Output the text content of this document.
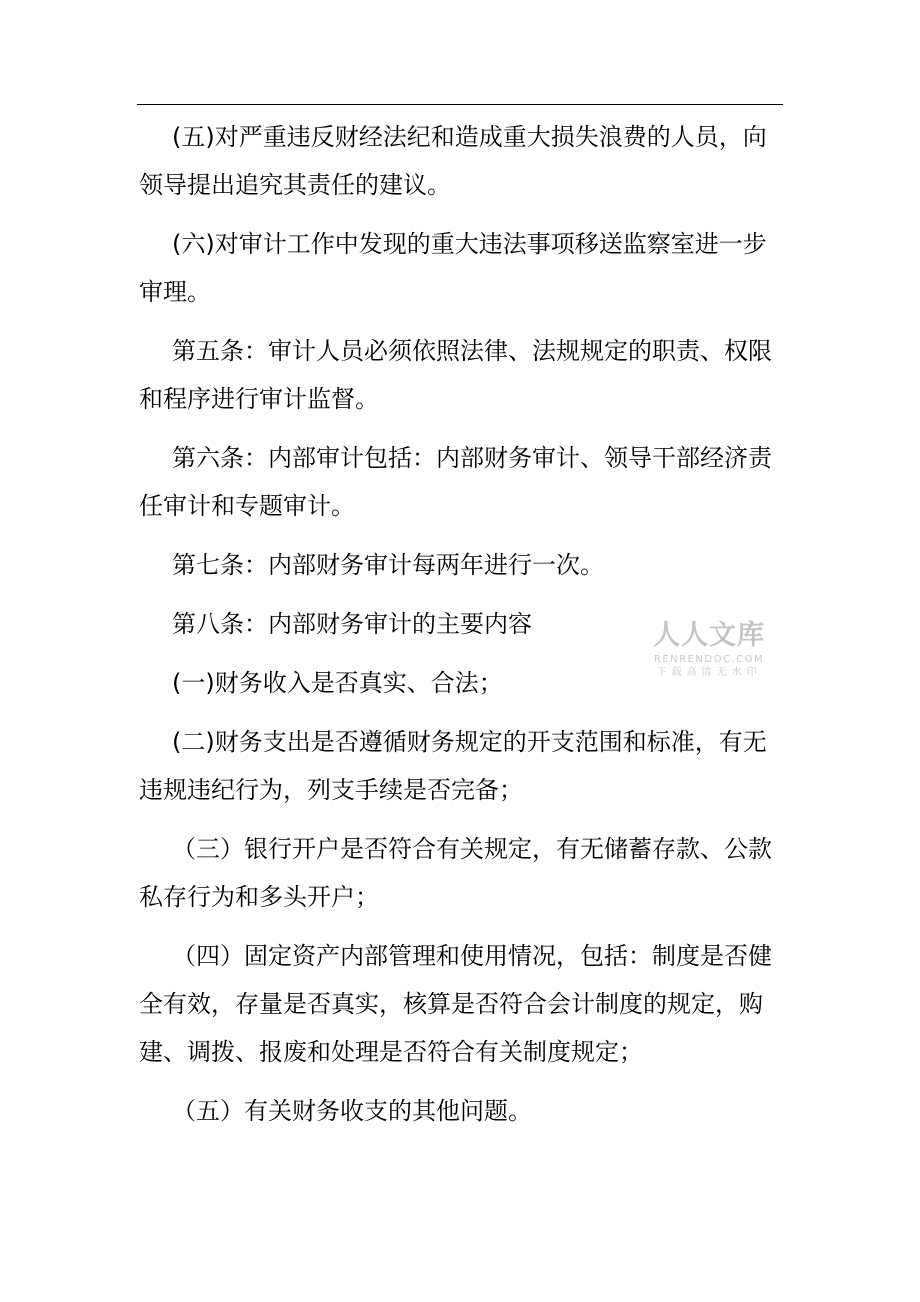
(五)对严重违反财经法纪和造成重大损失浪费的人员，向领导提出追究其责任的建议。

(六)对审计工作中发现的重大违法事项移送监察室进一步审理。

第五条：审计人员必须依照法律、法规规定的职责、权限和程序进行审计监督。

第六条：内部审计包括：内部财务审计、领导干部经济责任审计和专题审计。

第七条：内部财务审计每两年进行一次。

第八条：内部财务审计的主要内容

(一)财务收入是否真实、合法；

(二)财务支出是否遵循财务规定的开支范围和标准，有无违规违纪行为，列支手续是否完备；

（三）银行开户是否符合有关规定，有无储蓄存款、公款私存行为和多头开户；

（四）固定资产内部管理和使用情况，包括：制度是否健全有效，存量是否真实，核算是否符合会计制度的规定，购建、调拨、报废和处理是否符合有关制度规定；

（五）有关财务收支的其他问题。

人人文库
RENRENDOC.COM
下载高清无水印
